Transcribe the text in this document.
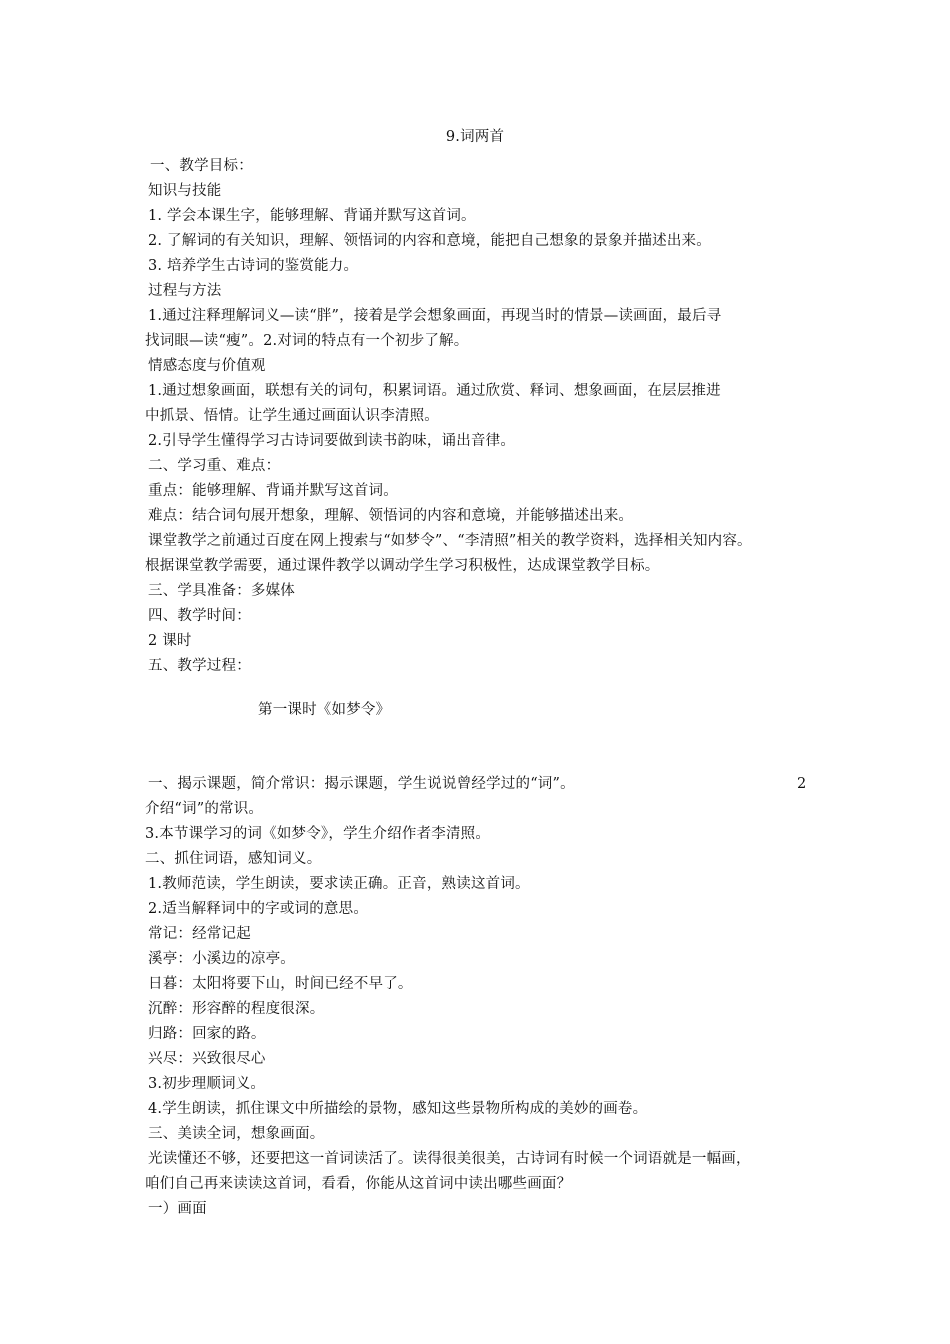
9.词两首
一、教学目标：
知识与技能
1. 学会本课生字，能够理解、背诵并默写这首词。
2. 了解词的有关知识，理解、领悟词的内容和意境，能把自己想象的景象并描述出来。
3. 培养学生古诗词的鉴赏能力。
过程与方法
1.通过注释理解词义—读“胖”，接着是学会想象画面，再现当时的情景—读画面，最后寻
找词眼—读“瘦”。2.对词的特点有一个初步了解。
情感态度与价值观
1.通过想象画面，联想有关的词句，积累词语。通过欣赏、释词、想象画面，在层层推进
中抓景、悟情。让学生通过画面认识李清照。
2.引导学生懂得学习古诗词要做到读书韵味，诵出音律。
二、学习重、难点：
重点：能够理解、背诵并默写这首词。
难点：结合词句展开想象，理解、领悟词的内容和意境，并能够描述出来。
课堂教学之前通过百度在网上搜索与“如梦令”、“李清照”相关的教学资料，选择相关知内容。
根据课堂教学需要，通过课件教学以调动学生学习积极性，达成课堂教学目标。
三、学具准备：多媒体
四、教学时间：
2 课时
五、教学过程：
第一课时《如梦令》
2
一、揭示课题，简介常识：揭示课题，学生说说曾经学过的“词”。
介绍“词”的常识。
3.本节课学习的词《如梦令》，学生介绍作者李清照。
二、抓住词语，感知词义。
1.教师范读，学生朗读，要求读正确。正音，熟读这首词。
2.适当解释词中的字或词的意思。
常记：经常记起
溪亭：小溪边的凉亭。
日暮：太阳将要下山，时间已经不早了。
沉醉：形容醉的程度很深。
归路：回家的路。
兴尽：兴致很尽心
3.初步理顺词义。
4.学生朗读，抓住课文中所描绘的景物，感知这些景物所构成的美妙的画卷。
三、美读全词，想象画面。
光读懂还不够，还要把这一首词读活了。读得很美很美，古诗词有时候一个词语就是一幅画，
咱们自己再来读读这首词，看看，你能从这首词中读出哪些画面？
一）画面
